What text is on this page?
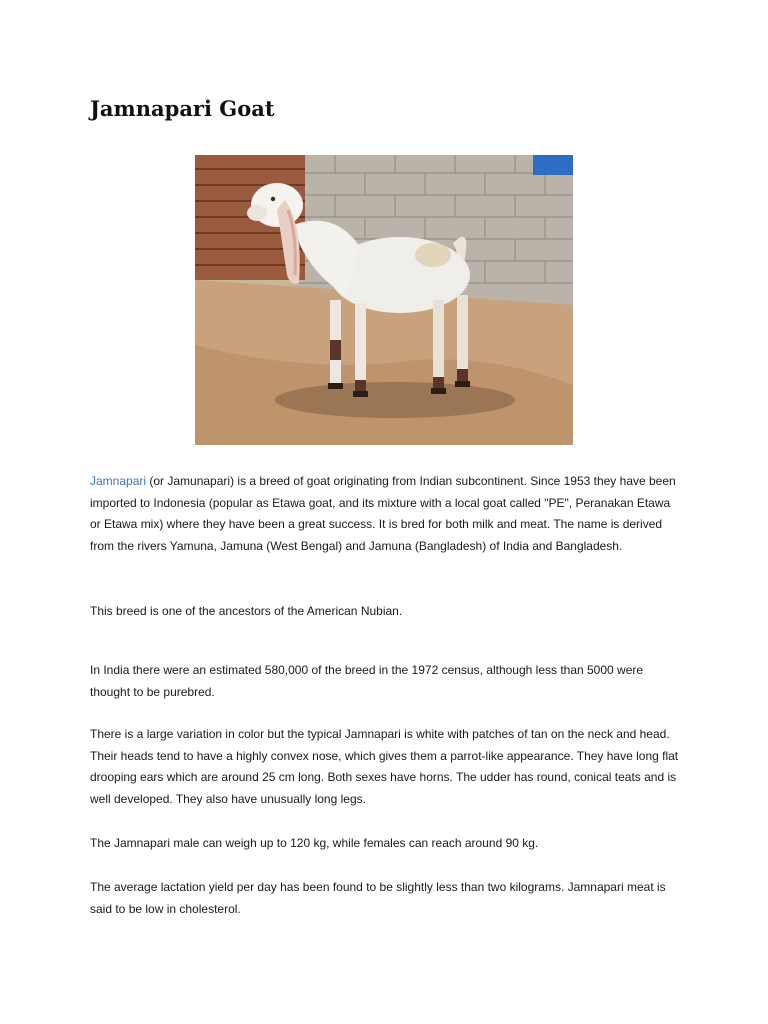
Jamnapari Goat

Jamnapari (or Jamunapari) is a breed of goat originating from Indian subcontinent. Since 1953 they have been imported to Indonesia (popular as Etawa goat, and its mixture with a local goat called "PE", Peranakan Etawa or Etawa mix) where they have been a great success. It is bred for both milk and meat. The name is derived from the rivers Yamuna, Jamuna (West Bengal) and Jamuna (Bangladesh) of India and Bangladesh.

This breed is one of the ancestors of the American Nubian.

In India there were an estimated 580,000 of the breed in the 1972 census, although less than 5000 were thought to be purebred.

There is a large variation in color but the typical Jamnapari is white with patches of tan on the neck and head. Their heads tend to have a highly convex nose, which gives them a parrot-like appearance. They have long flat drooping ears which are around 25 cm long. Both sexes have horns. The udder has round, conical teats and is well developed. They also have unusually long legs.

The Jamnapari male can weigh up to 120 kg, while females can reach around 90 kg.

The average lactation yield per day has been found to be slightly less than two kilograms. Jamnapari meat is said to be low in cholesterol.
